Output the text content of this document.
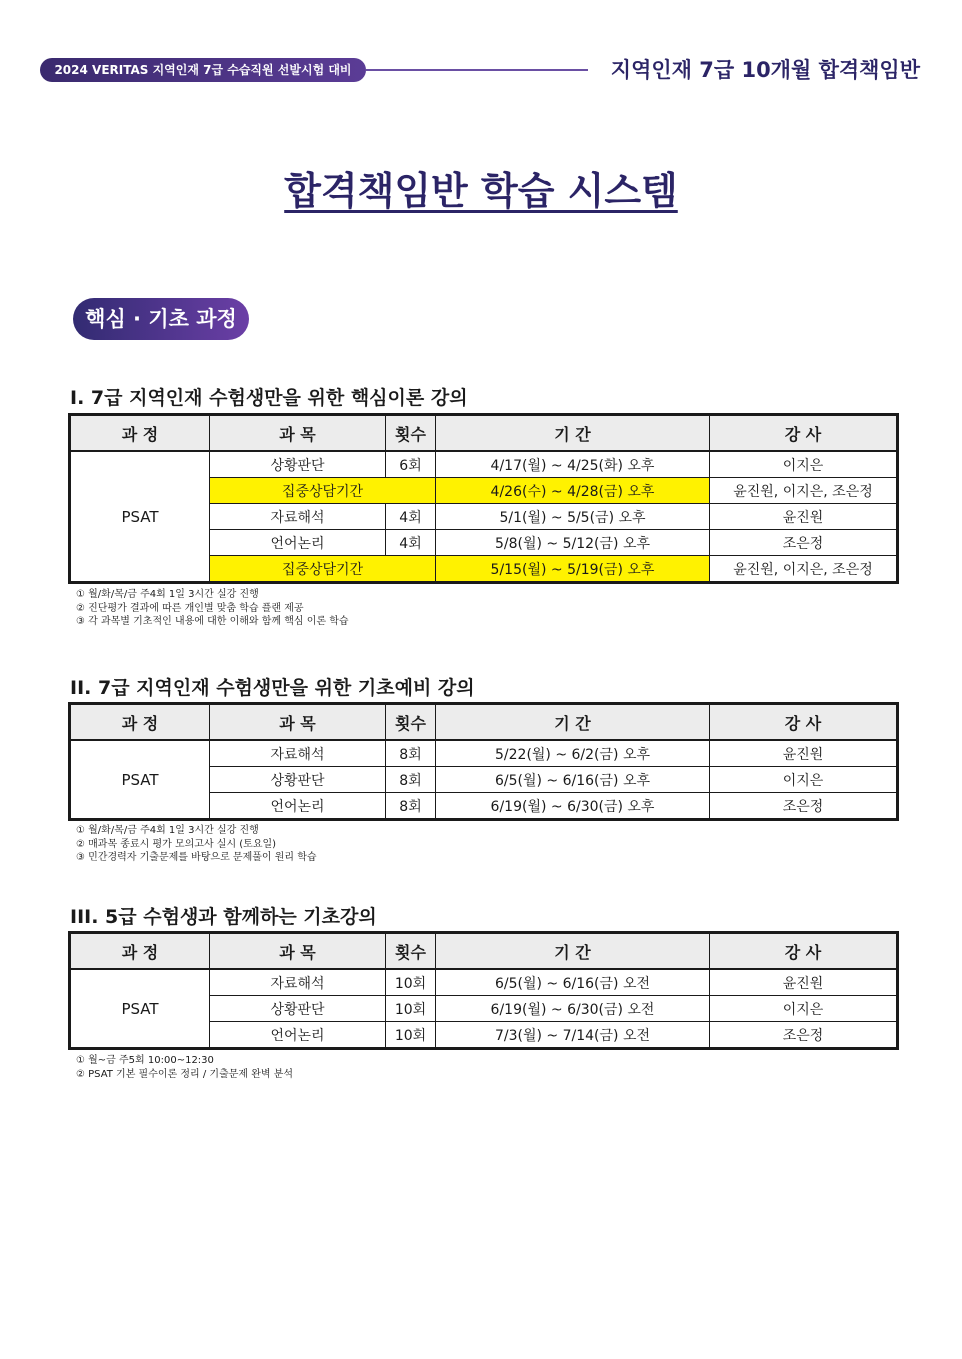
2024 VERITAS 지역인재 7급 수습직원 선발시험 대비	지역인재 7급 10개월 합격책임반
합격책임반 학습 시스템
핵심 · 기초 과정
I. 7급 지역인재 수험생만을 위한 핵심이론 강의
과 정	과 목	횟수	기 간	강 사
PSAT	상황판단	6회	4/17(월) ~ 4/25(화) 오후	이지은
	집중상담기간		4/26(수) ~ 4/28(금) 오후	윤진원, 이지은, 조은정
	자료해석	4회	5/1(월) ~ 5/5(금) 오후	윤진원
	언어논리	4회	5/8(월) ~ 5/12(금) 오후	조은정
	집중상담기간		5/15(월) ~ 5/19(금) 오후	윤진원, 이지은, 조은정
① 월/화/목/금 주4회 1일 3시간 실강 진행
② 진단평가 결과에 따른 개인별 맞춤 학습 플랜 제공
③ 각 과목별 기초적인 내용에 대한 이해와 함께 핵심 이론 학습
II. 7급 지역인재 수험생만을 위한 기초예비 강의
과 정	과 목	횟수	기 간	강 사
PSAT	자료해석	8회	5/22(월) ~ 6/2(금) 오후	윤진원
	상황판단	8회	6/5(월) ~ 6/16(금) 오후	이지은
	언어논리	8회	6/19(월) ~ 6/30(금) 오후	조은정
① 월/화/목/금 주4회 1일 3시간 실강 진행
② 매과목 종료시 평가 모의고사 실시 (토요일)
③ 민간경력자 기출문제를 바탕으로 문제풀이 원리 학습
III. 5급 수험생과 함께하는 기초강의
과 정	과 목	횟수	기 간	강 사
PSAT	자료해석	10회	6/5(월) ~ 6/16(금) 오전	윤진원
	상황판단	10회	6/19(월) ~ 6/30(금) 오전	이지은
	언어논리	10회	7/3(월) ~ 7/14(금) 오전	조은정
① 월~금 주5회 10:00~12:30
② PSAT 기본 필수이론 정리 / 기출문제 완벽 분석
